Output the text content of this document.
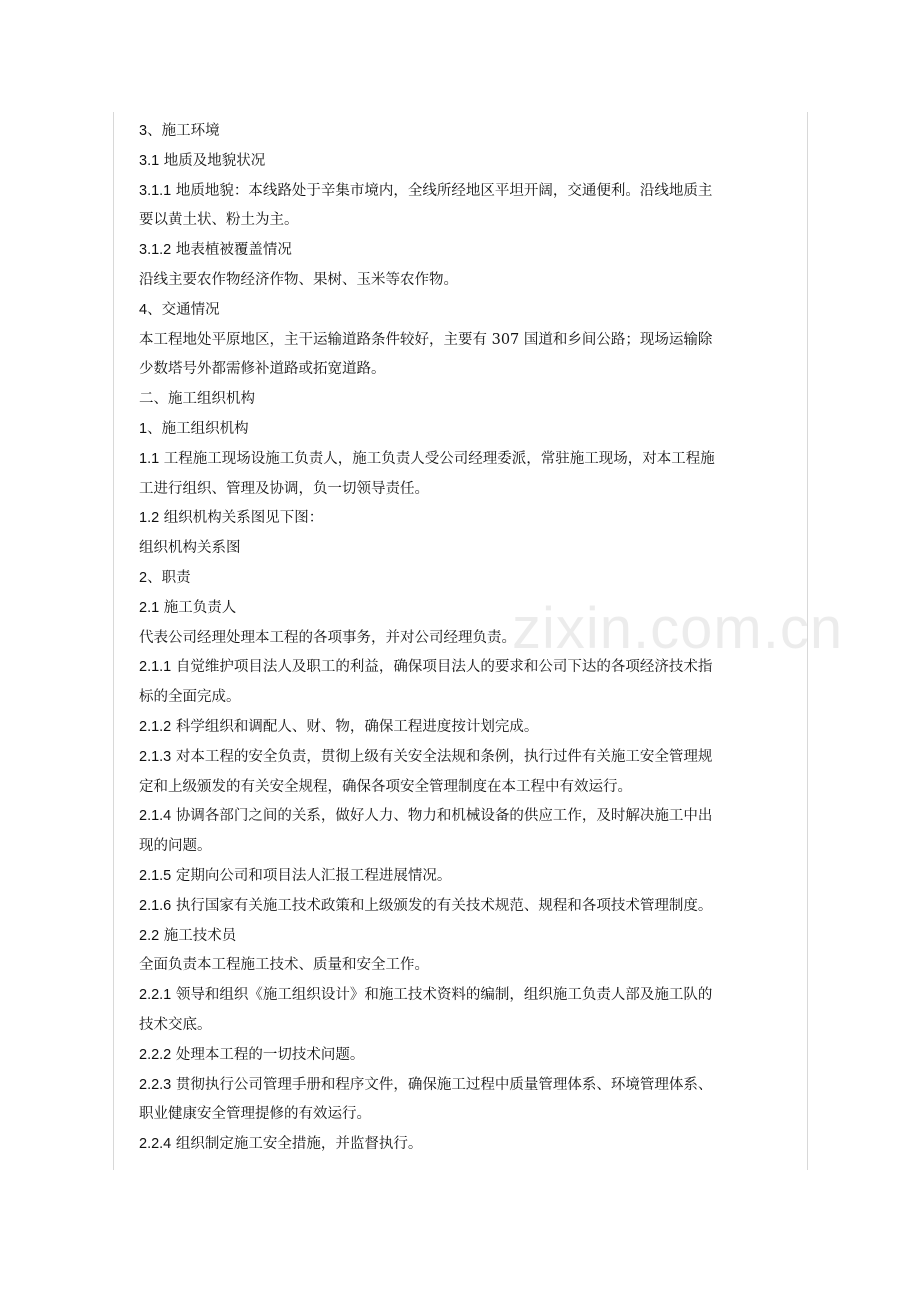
zixin.com.cn
3、施工环境
3.1 地质及地貌状况
3.1.1 地质地貌：本线路处于辛集市境内，全线所经地区平坦开阔，交通便利。沿线地质主
要以黄土状、粉土为主。
3.1.2 地表植被覆盖情况
沿线主要农作物经济作物、果树、玉米等农作物。
4、交通情况
本工程地处平原地区，主干运输道路条件较好，主要有 307 国道和乡间公路；现场运输除
少数塔号外都需修补道路或拓宽道路。
二、施工组织机构
1、施工组织机构
1.1 工程施工现场设施工负责人，施工负责人受公司经理委派，常驻施工现场，对本工程施
工进行组织、管理及协调，负一切领导责任。
1.2 组织机构关系图见下图：
组织机构关系图
2、职责
2.1 施工负责人
代表公司经理处理本工程的各项事务，并对公司经理负责。
2.1.1 自觉维护项目法人及职工的利益，确保项目法人的要求和公司下达的各项经济技术指
标的全面完成。
2.1.2 科学组织和调配人、财、物，确保工程进度按计划完成。
2.1.3 对本工程的安全负责，贯彻上级有关安全法规和条例，执行过件有关施工安全管理规
定和上级颁发的有关安全规程，确保各项安全管理制度在本工程中有效运行。
2.1.4 协调各部门之间的关系，做好人力、物力和机械设备的供应工作，及时解决施工中出
现的问题。
2.1.5 定期向公司和项目法人汇报工程进展情况。
2.1.6 执行国家有关施工技术政策和上级颁发的有关技术规范、规程和各项技术管理制度。
2.2 施工技术员
全面负责本工程施工技术、质量和安全工作。
2.2.1 领导和组织《施工组织设计》和施工技术资料的编制，组织施工负责人部及施工队的
技术交底。
2.2.2 处理本工程的一切技术问题。
2.2.3 贯彻执行公司管理手册和程序文件，确保施工过程中质量管理体系、环境管理体系、
职业健康安全管理提修的有效运行。
2.2.4 组织制定施工安全措施，并监督执行。
